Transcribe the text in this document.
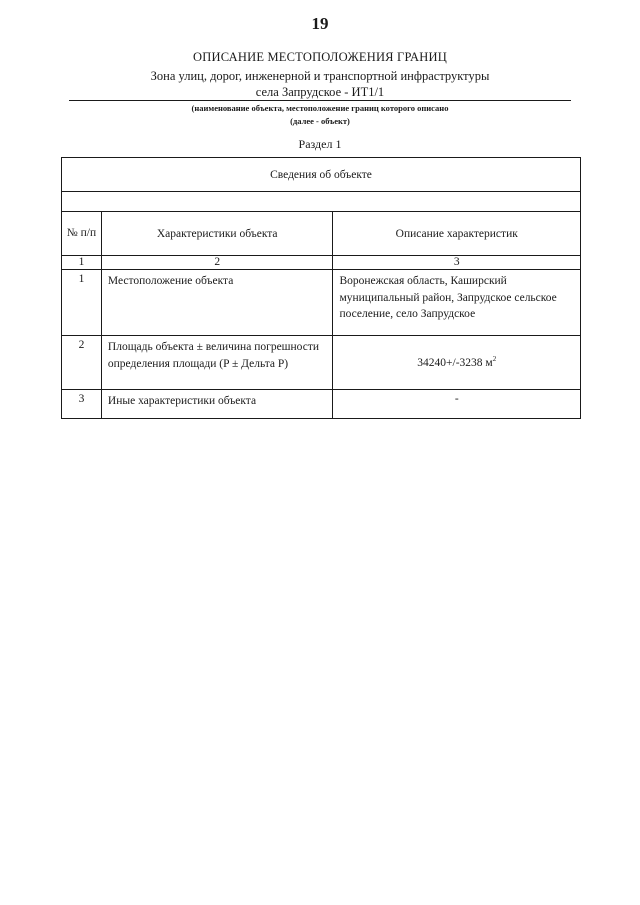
19
ОПИСАНИЕ МЕСТОПОЛОЖЕНИЯ ГРАНИЦ
Зона улиц, дорог, инженерной и транспортной инфраструктуры
села Запрудское - ИТ1/1
(наименование объекта, местоположение границ которого описано
(далее - объект)
Раздел 1
Сведения об объекте		

№ п/п	Характеристики объекта	Описание характеристик
1	2	3
1	Местоположение объекта	Воронежская область, Каширский муниципальный район, Запрудское сельское поселение, село Запрудское
2	Площадь объекта ± величина погрешности определения площади (P ± Дельта P)	34240+/-3238 $м^2$
3	Иные характеристики объекта	-
